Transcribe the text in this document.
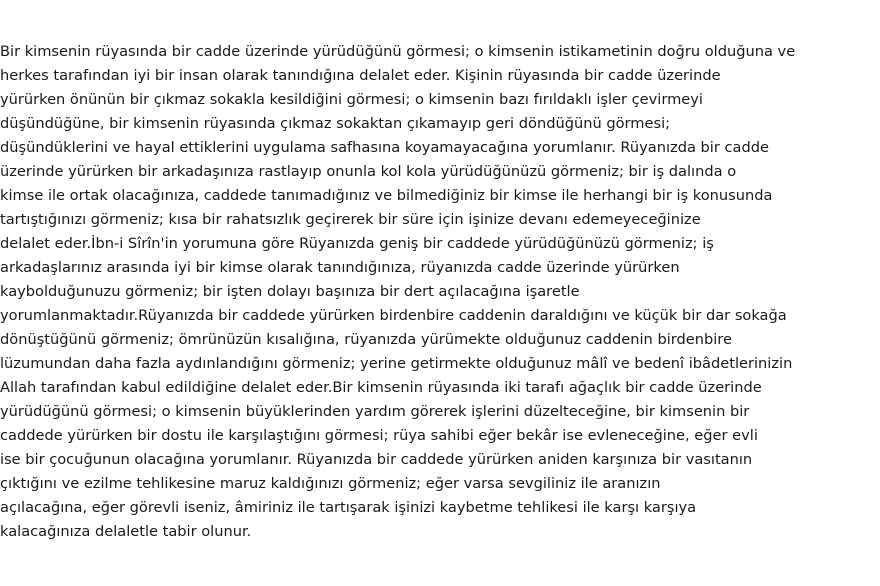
Bir kimsenin rüyasında bir cadde üzerinde yürüdüğünü görmesi; o kimsenin istikametinin doğru olduğuna ve
herkes tarafından iyi bir insan olarak tanındığına delalet eder. Kişinin rüyasında bir cadde üzerinde
yürürken önünün bir çıkmaz sokakla kesildiğini görmesi; o kimsenin bazı fırıldaklı işler çevirmeyi
düşündüğüne, bir kimsenin rüyasında çıkmaz sokaktan çıkamayıp geri döndüğünü görmesi;
düşündüklerini ve hayal ettiklerini uygulama safhasına koyamayacağına yorumlanır. Rüyanızda bir cadde
üzerinde yürürken bir arkadaşınıza rastlayıp onunla kol kola yürüdüğünüzü görmeniz; bir iş dalında o
kimse ile ortak olacağınıza, caddede tanımadığınız ve bilmediğiniz bir kimse ile herhangi bir iş konusunda
tartıştığınızı görmeniz; kısa bir rahatsızlık geçirerek bir süre için işinize devanı edemeyeceğinize
delalet eder.İbn-i Sîrîn'in yorumuna göre Rüyanızda geniş bir caddede yürüdüğünüzü görmeniz; iş
arkadaşlarınız arasında iyi bir kimse olarak tanındığınıza, rüyanızda cadde üzerinde yürürken
kaybolduğunuzu görmeniz; bir işten dolayı başınıza bir dert açılacağına işaretle
yorumlanmaktadır.Rüyanızda bir caddede yürürken birdenbire caddenin daraldığını ve küçük bir dar sokağa
dönüştüğünü görmeniz; ömrünüzün kısalığına, rüyanızda yürümekte olduğunuz caddenin birdenbire
lüzumundan daha fazla aydınlandığını görmeniz; yerine getirmekte olduğunuz mâlî ve bedenî ibâdetlerinizin
Allah tarafından kabul edildiğine delalet eder.Bir kimsenin rüyasında iki tarafı ağaçlık bir cadde üzerinde
yürüdüğünü görmesi; o kimsenin büyüklerinden yardım görerek işlerini düzelteceğine, bir kimsenin bir
caddede yürürken bir dostu ile karşılaştığını görmesi; rüya sahibi eğer bekâr ise evleneceğine, eğer evli
ise bir çocuğunun olacağına yorumlanır. Rüyanızda bir caddede yürürken aniden karşınıza bir vasıtanın
çıktığını ve ezilme tehlikesine maruz kaldığınızı görmeniz; eğer varsa sevgiliniz ile aranızın
açılacağına, eğer görevli iseniz, âmiriniz ile tartışarak işinizi kaybetme tehlikesi ile karşı karşıya
kalacağınıza delaletle tabir olunur.
